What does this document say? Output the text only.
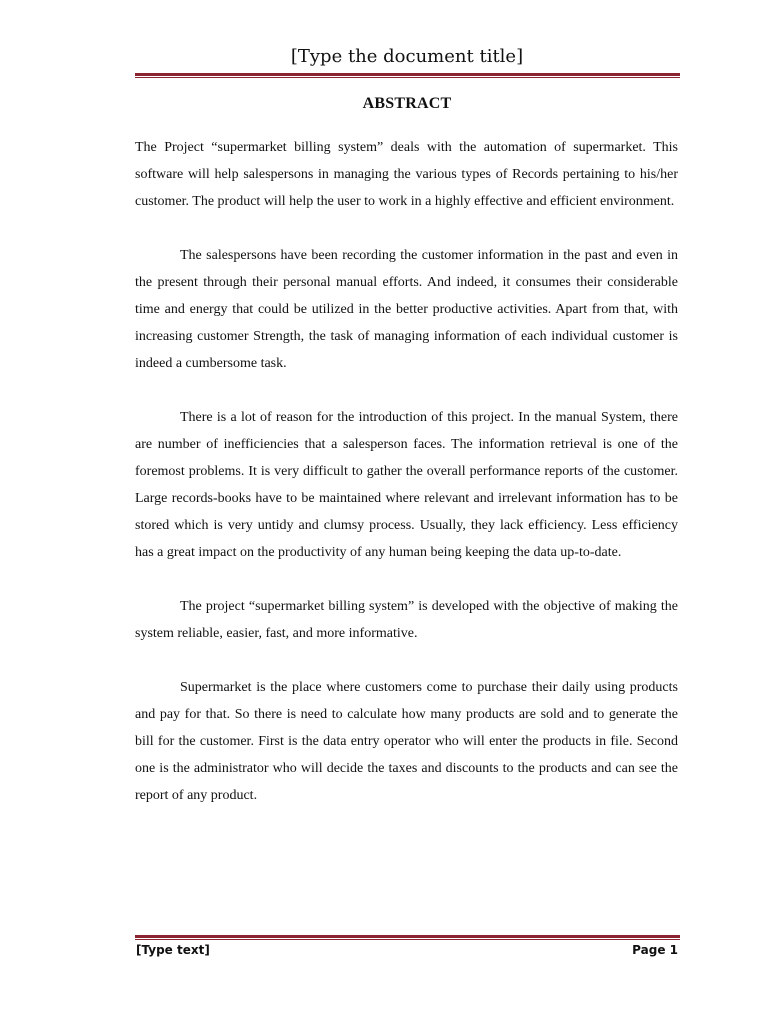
[Type the document title]
ABSTRACT

The Project “supermarket billing system” deals with the automation of supermarket. This software will help salespersons in managing the various types of Records pertaining to his/her customer. The product will help the user to work in a highly effective and efficient environment.

The salespersons have been recording the customer information in the past and even in the present through their personal manual efforts. And indeed, it consumes their considerable time and energy that could be utilized in the better productive activities. Apart from that, with increasing customer Strength, the task of managing information of each individual customer is indeed a cumbersome task.

There is a lot of reason for the introduction of this project. In the manual System, there are number of inefficiencies that a salesperson faces. The information retrieval is one of the foremost problems. It is very difficult to gather the overall performance reports of the customer. Large records-books have to be maintained where relevant and irrelevant information has to be stored which is very untidy and clumsy process. Usually, they lack efficiency. Less efficiency has a great impact on the productivity of any human being keeping the data up-to-date.

The project “supermarket billing system” is developed with the objective of making the system reliable, easier, fast, and more informative.

Supermarket is the place where customers come to purchase their daily using products and pay for that. So there is need to calculate how many products are sold and to generate the bill for the customer. First is the data entry operator who will enter the products in file. Second one is the administrator who will decide the taxes and discounts to the products and can see the report of any product.

[Type text]	Page 1
